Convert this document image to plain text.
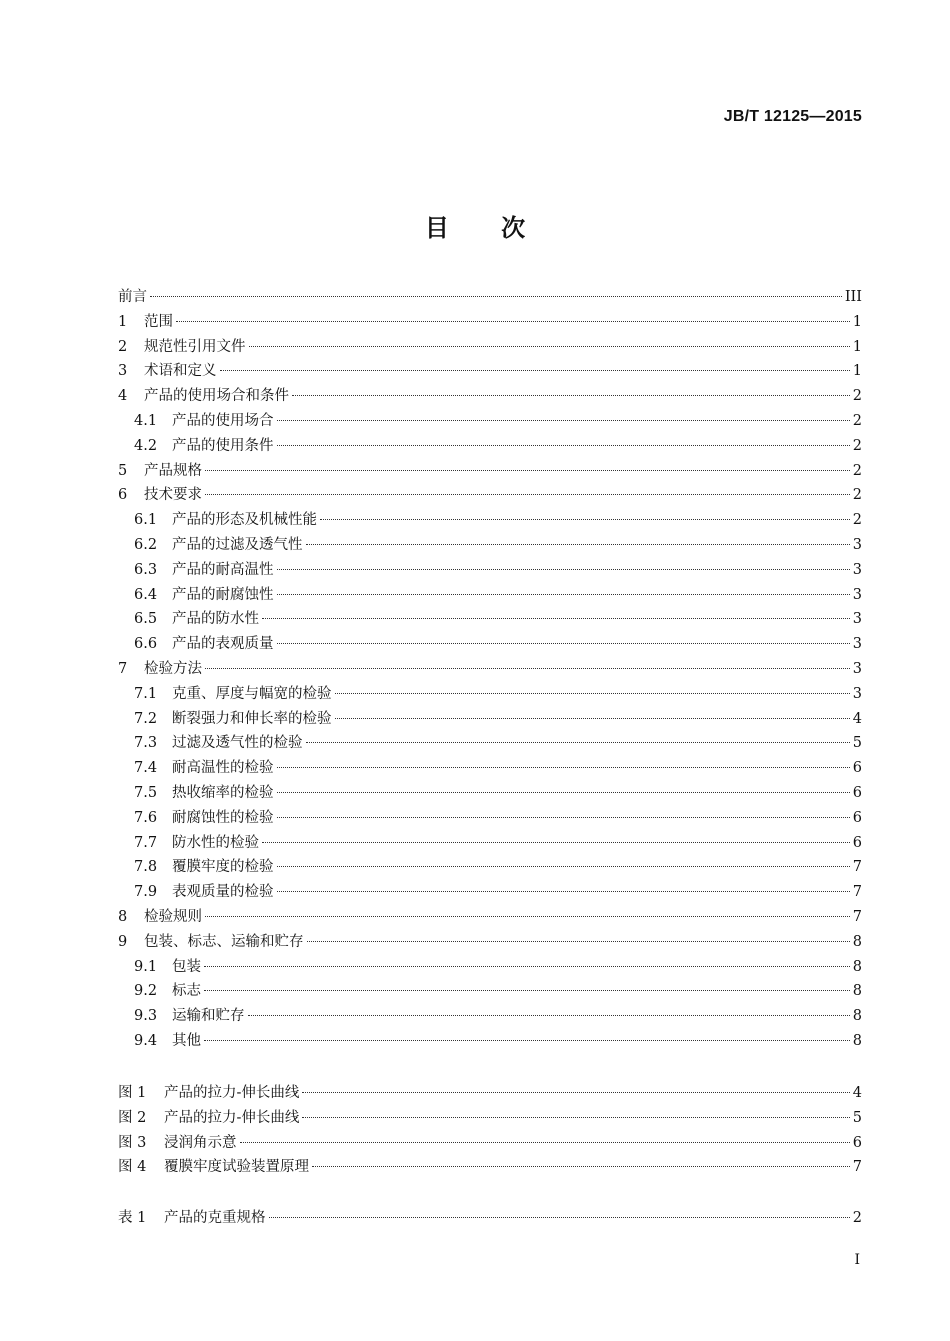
JB/T 12125—2015
目 次
前言	III
1	范围	1
2	规范性引用文件	1
3	术语和定义	1
4	产品的使用场合和条件	2
4.1	产品的使用场合	2
4.2	产品的使用条件	2
5	产品规格	2
6	技术要求	2
6.1	产品的形态及机械性能	2
6.2	产品的过滤及透气性	3
6.3	产品的耐高温性	3
6.4	产品的耐腐蚀性	3
6.5	产品的防水性	3
6.6	产品的表观质量	3
7	检验方法	3
7.1	克重、厚度与幅宽的检验	3
7.2	断裂强力和伸长率的检验	4
7.3	过滤及透气性的检验	5
7.4	耐高温性的检验	6
7.5	热收缩率的检验	6
7.6	耐腐蚀性的检验	6
7.7	防水性的检验	6
7.8	覆膜牢度的检验	7
7.9	表观质量的检验	7
8	检验规则	7
9	包装、标志、运输和贮存	8
9.1	包装	8
9.2	标志	8
9.3	运输和贮存	8
9.4	其他	8
图 1	产品的拉力-伸长曲线	4
图 2	产品的拉力-伸长曲线	5
图 3	浸润角示意	6
图 4	覆膜牢度试验装置原理	7
表 1	产品的克重规格	2
I
